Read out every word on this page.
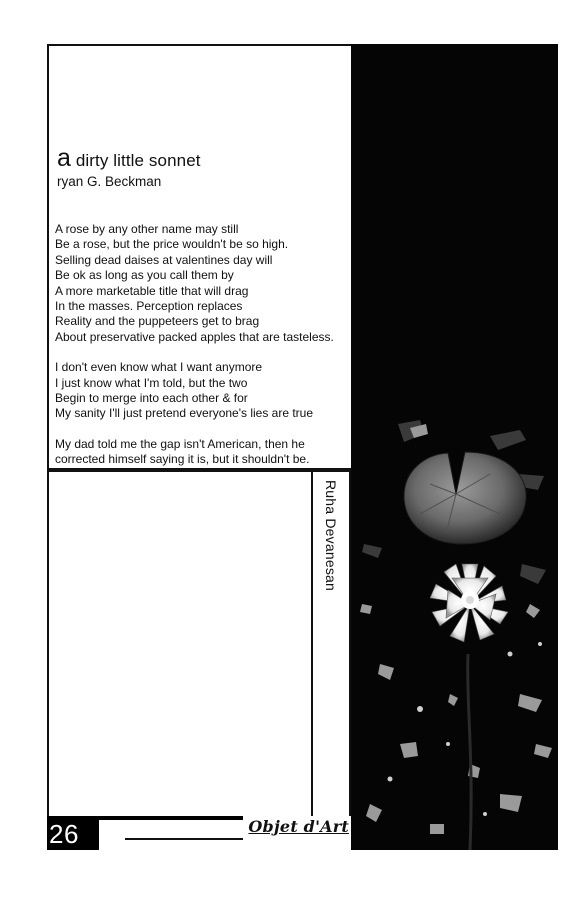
a dirty little sonnet
ryan G. Beckman
A rose by any other name may still
Be a rose, but the price wouldn't be so high.
Selling dead daises at valentines day will
Be ok as long as you call them by
A more marketable title that will drag
In the masses. Perception replaces
Reality and the puppeteers get to brag
About preservative packed apples that are tasteless.
I don't even know what I want anymore
I just know what I'm told, but the two
Begin to merge into each other & for
My sanity I'll just pretend everyone's lies are true
My dad told me the gap isn't American, then he
corrected himself saying it is, but it shouldn't be.
Ruha Devanesan
26	Objet d'Art
